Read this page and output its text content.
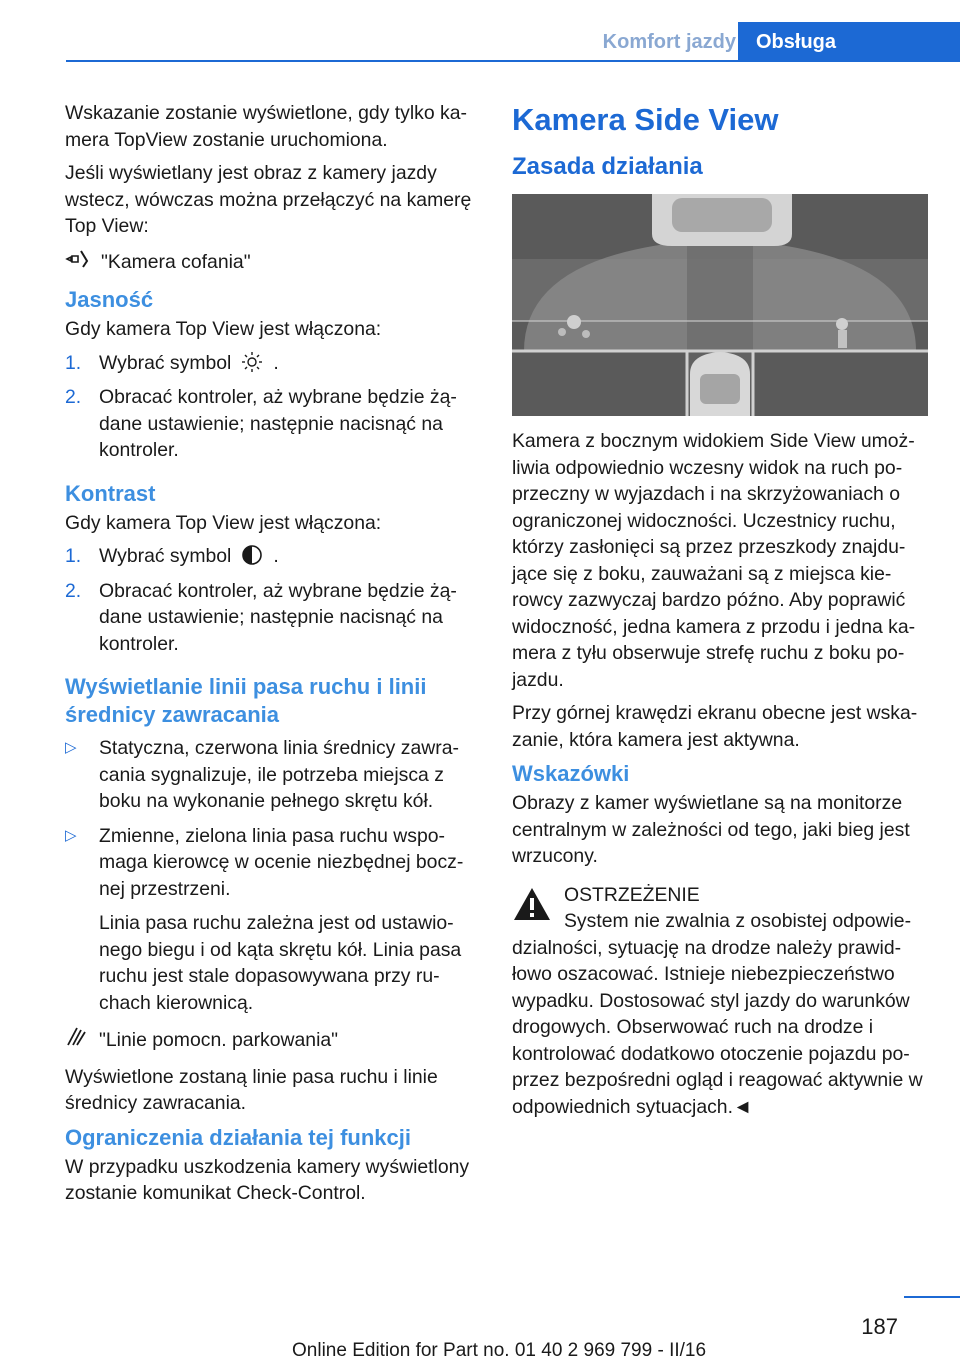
Komfort jazdy	Obsługa

Wskazanie zostanie wyświetlone, gdy tylko ka-mera TopView zostanie uruchomiona.

Jeśli wyświetlany jest obraz z kamery jazdy wstecz, wówczas można przełączyć na kamerę Top View:

"Kamera cofania"
Jasność

Gdy kamera Top View jest włączona:

1. Wybrać symbol .
2. Obracać kontroler, aż wybrane będzie żą-dane ustawienie; następnie nacisnąć na kontroler.
Kontrast

Gdy kamera Top View jest włączona:

1. Wybrać symbol .
2. Obracać kontroler, aż wybrane będzie żą-dane ustawienie; następnie nacisnąć na kontroler.
Wyświetlanie linii pasa ruchu i linii średnicy zawracania
▷ Statyczna, czerwona linia średnicy zawra-cania sygnalizuje, ile potrzeba miejsca z boku na wykonanie pełnego skrętu kół.
▷ Zmienne, zielona linia pasa ruchu wspo-maga kierowcę w ocenie niezbędnej bocz-nej przestrzeni.
Linia pasa ruchu zależna jest od ustawio-nego biegu i od kąta skrętu kół. Linia pasa ruchu jest stale dopasowywana przy ru-chach kierownicą.
"Linie pomocn. parkowania"

Wyświetlone zostaną linie pasa ruchu i linie średnicy zawracania.

Ograniczenia działania tej funkcji

W przypadku uszkodzenia kamery wyświetlony zostanie komunikat Check-Control.

Kamera Side View
Zasada działania

Kamera z bocznym widokiem Side View umoż-liwia odpowiednio wczesny widok na ruch po-przeczny w wyjazdach i na skrzyżowaniach o ograniczonej widoczności. Uczestnicy ruchu, którzy zasłonięci są przez przeszkody znajdu-jące się z boku, zauważani są z miejsca kie-rowcy zazwyczaj bardzo późno. Aby poprawić widoczność, jedna kamera z przodu i jedna ka-mera z tyłu obserwuje strefę ruchu z boku po-jazdu.

Przy górnej krawędzi ekranu obecne jest wska-zanie, która kamera jest aktywna.

Wskazówki

Obrazy z kamer wyświetlane są na monitorze centralnym w zależności od tego, jaki bieg jest wrzucony.

OSTRZEŻENIE
System nie zwalnia z osobistej odpowie-
dzialności, sytuację na drodze należy prawid-łowo oszacować. Istnieje niebezpieczeństwo wypadku. Dostosować styl jazdy do warunków drogowych. Obserwować ruch na drodze i kontrolować dodatkowo otoczenie pojazdu po-przez bezpośredni ogląd i reagować aktywnie w odpowiednich sytuacjach.◄
187
Online Edition for Part no. 01 40 2 969 799 - II/16
